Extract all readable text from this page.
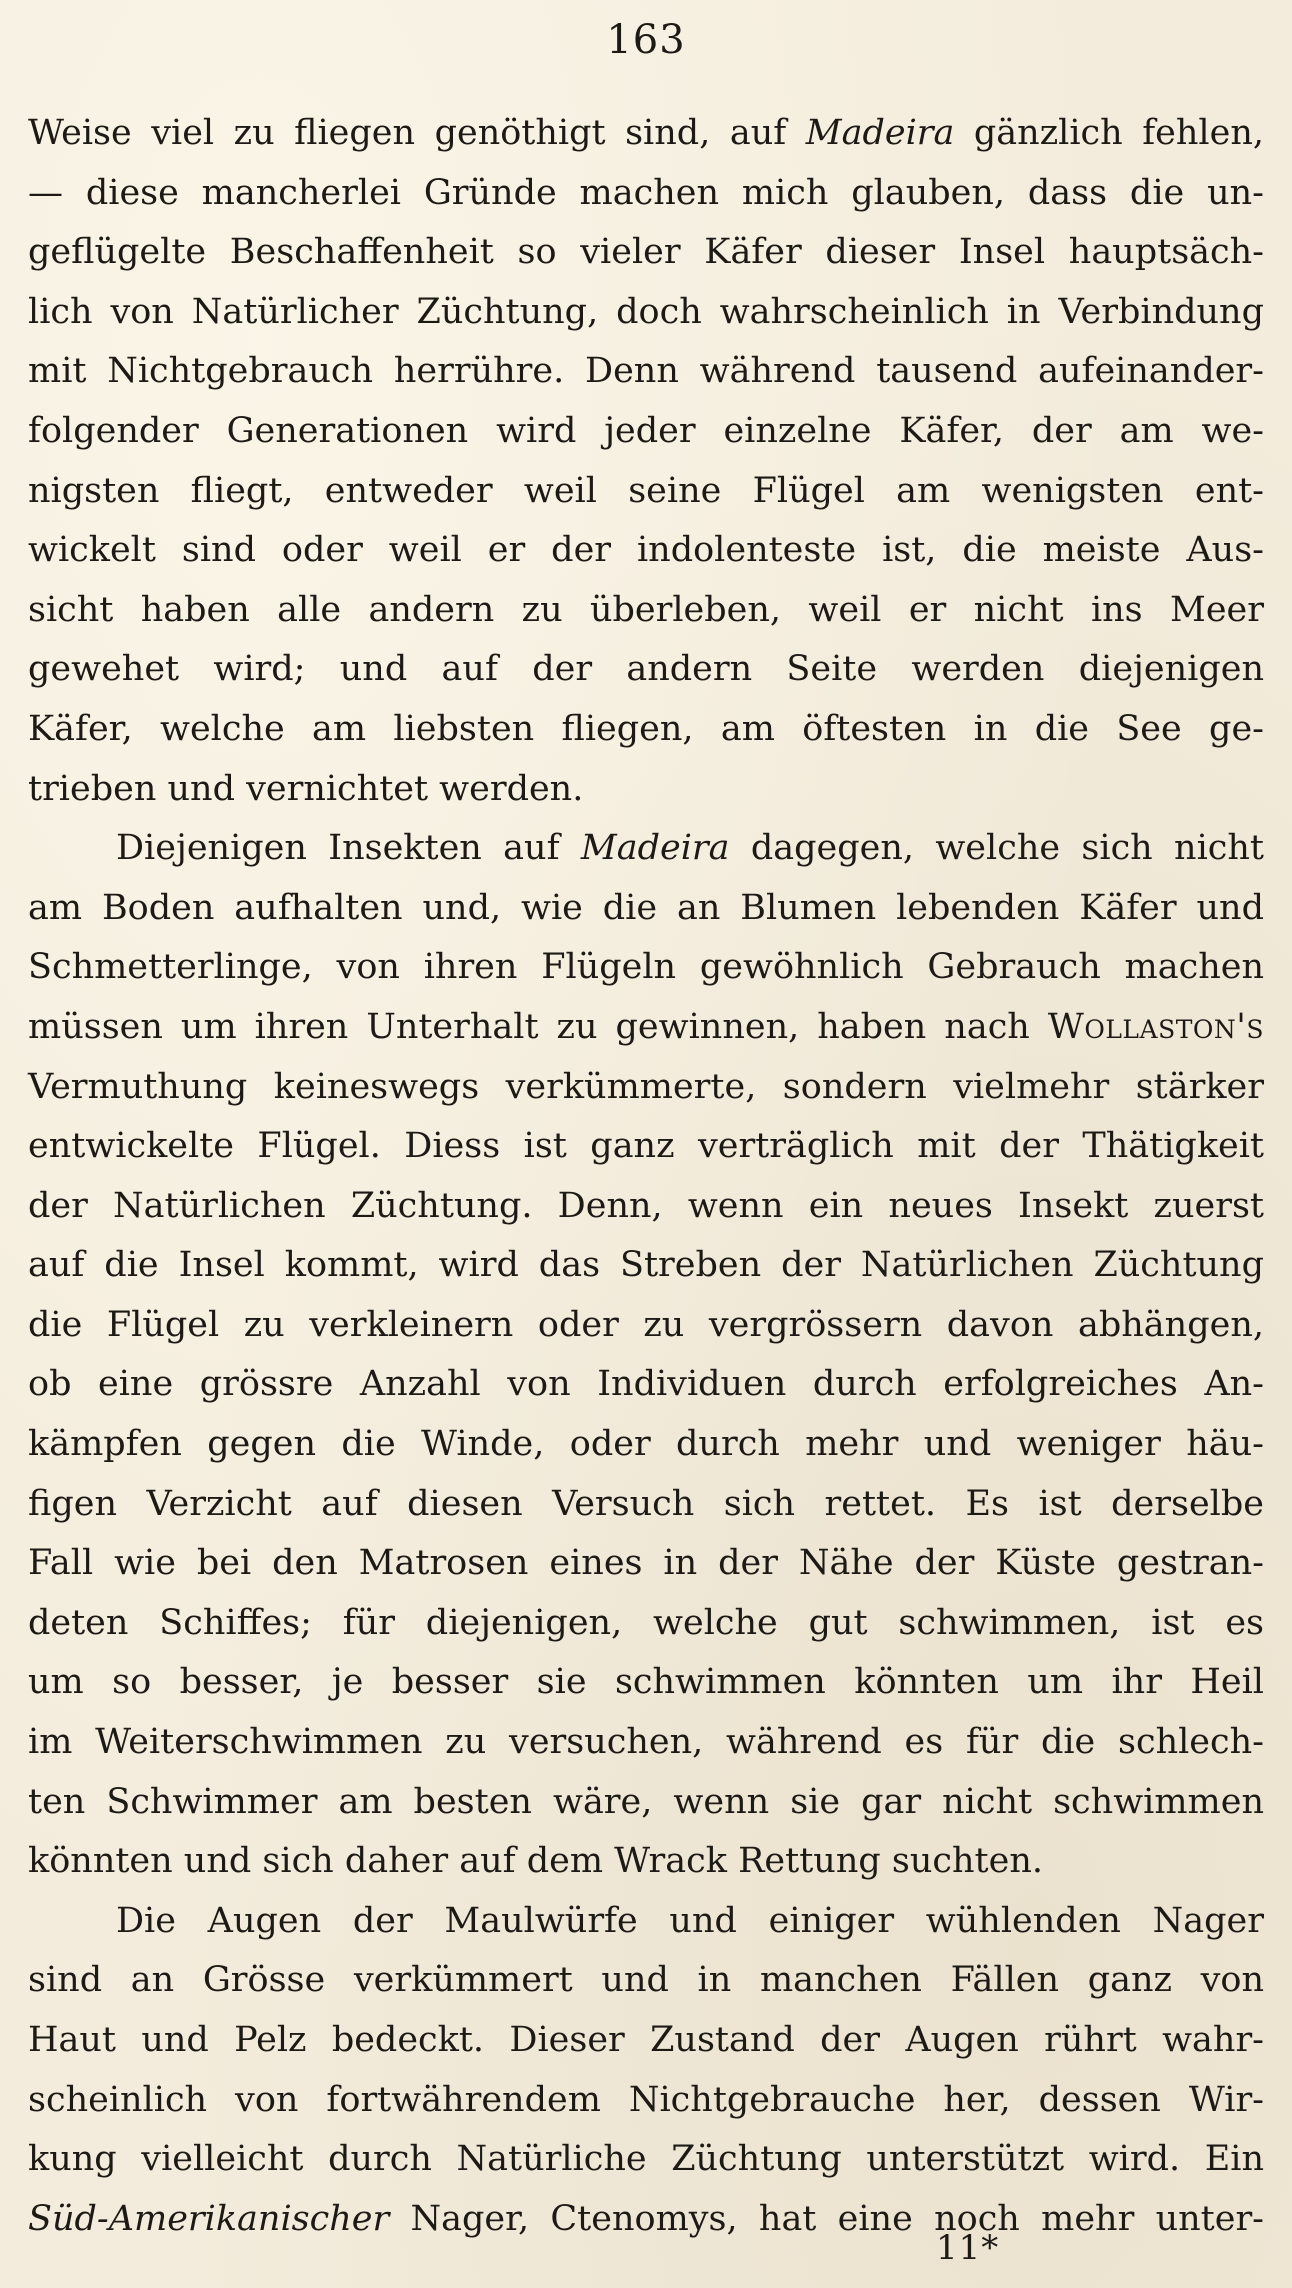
163
Weise viel zu fliegen genöthigt sind, auf Madeira gänzlich fehlen,
— diese mancherlei Gründe machen mich glauben, dass die un-
geflügelte Beschaffenheit so vieler Käfer dieser Insel hauptsäch-
lich von Natürlicher Züchtung, doch wahrscheinlich in Verbindung
mit Nichtgebrauch herrühre. Denn während tausend aufeinander-
folgender Generationen wird jeder einzelne Käfer, der am we-
nigsten fliegt, entweder weil seine Flügel am wenigsten ent-
wickelt sind oder weil er der indolenteste ist, die meiste Aus-
sicht haben alle andern zu überleben, weil er nicht ins Meer
gewehet wird; und auf der andern Seite werden diejenigen
Käfer, welche am liebsten fliegen, am öftesten in die See ge-
trieben und vernichtet werden.
Diejenigen Insekten auf Madeira dagegen, welche sich nicht
am Boden aufhalten und, wie die an Blumen lebenden Käfer und
Schmetterlinge, von ihren Flügeln gewöhnlich Gebrauch machen
müssen um ihren Unterhalt zu gewinnen, haben nach Wollaston's
Vermuthung keineswegs verkümmerte, sondern vielmehr stärker
entwickelte Flügel. Diess ist ganz verträglich mit der Thätigkeit
der Natürlichen Züchtung. Denn, wenn ein neues Insekt zuerst
auf die Insel kommt, wird das Streben der Natürlichen Züchtung
die Flügel zu verkleinern oder zu vergrössern davon abhängen,
ob eine grössre Anzahl von Individuen durch erfolgreiches An-
kämpfen gegen die Winde, oder durch mehr und weniger häu-
figen Verzicht auf diesen Versuch sich rettet. Es ist derselbe
Fall wie bei den Matrosen eines in der Nähe der Küste gestran-
deten Schiffes; für diejenigen, welche gut schwimmen, ist es
um so besser, je besser sie schwimmen könnten um ihr Heil
im Weiterschwimmen zu versuchen, während es für die schlech-
ten Schwimmer am besten wäre, wenn sie gar nicht schwimmen
könnten und sich daher auf dem Wrack Rettung suchten.
Die Augen der Maulwürfe und einiger wühlenden Nager
sind an Grösse verkümmert und in manchen Fällen ganz von
Haut und Pelz bedeckt. Dieser Zustand der Augen rührt wahr-
scheinlich von fortwährendem Nichtgebrauche her, dessen Wir-
kung vielleicht durch Natürliche Züchtung unterstützt wird. Ein
Süd-Amerikanischer Nager, Ctenomys, hat eine noch mehr unter-
11*
